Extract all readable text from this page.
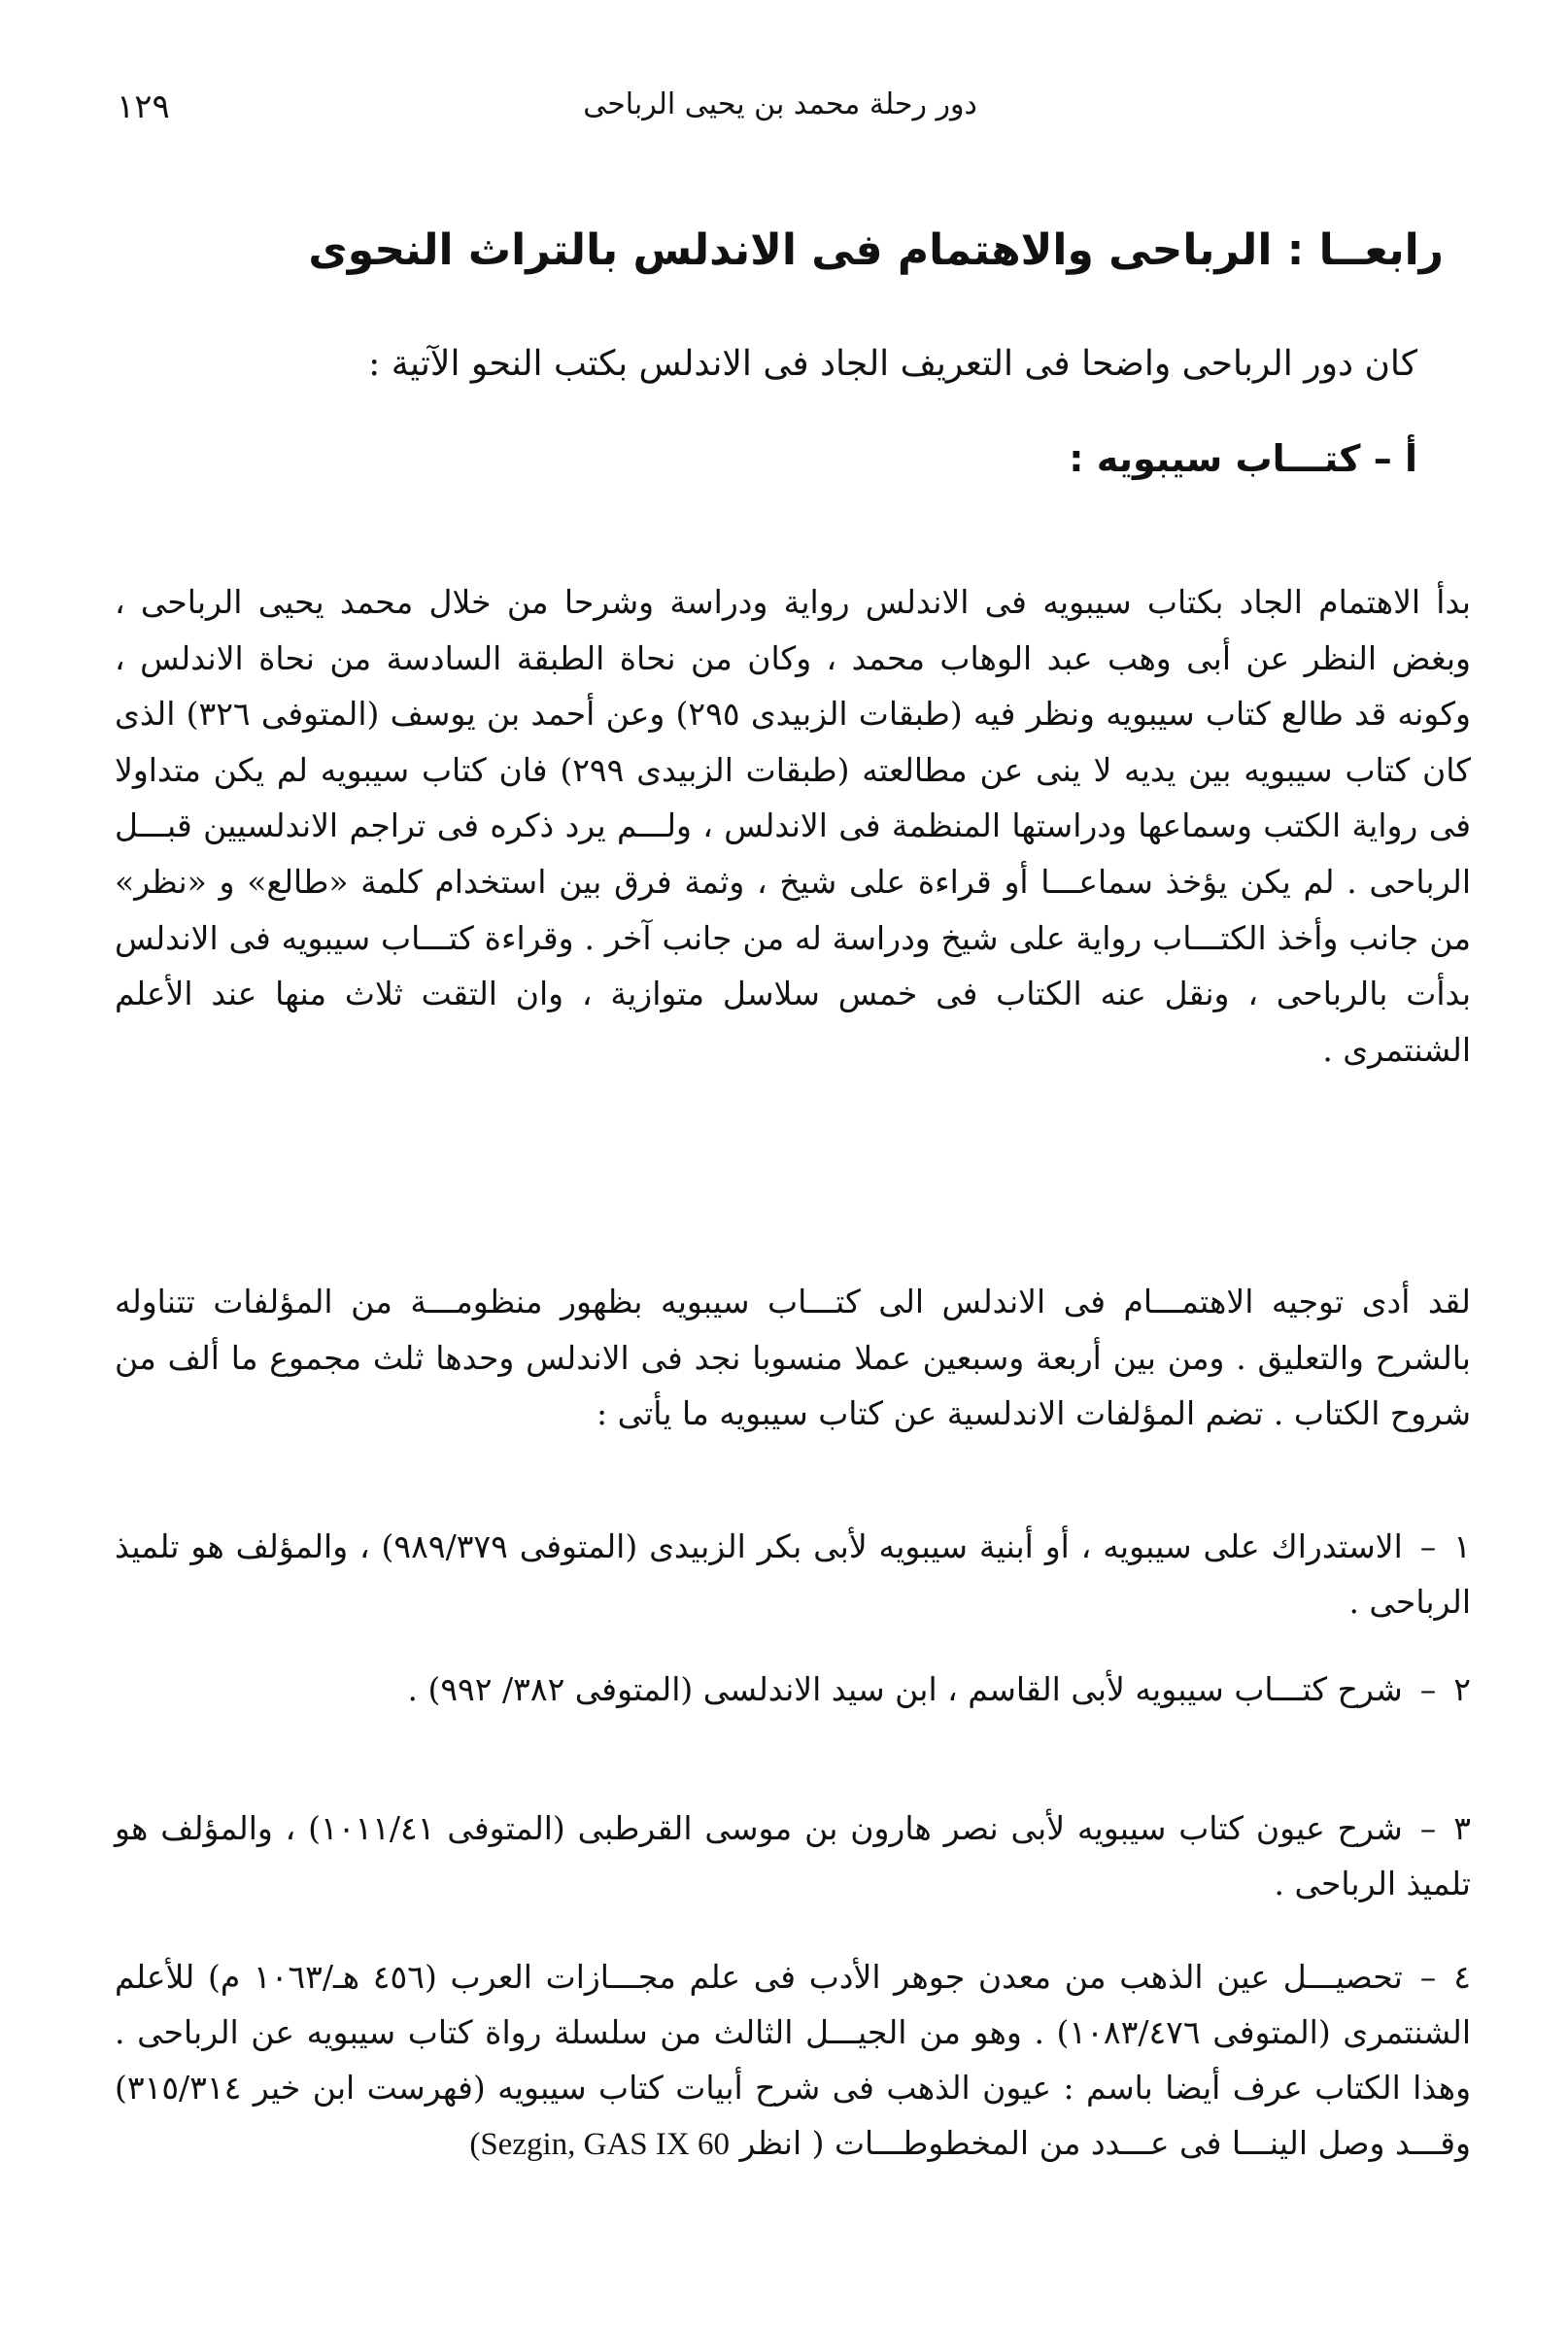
١٢٩	دور رحلة محمد بن يحيى الرباحى
رابعــا : الرباحى والاهتمام فى الاندلس بالتراث النحوى
كان دور الرباحى واضحا فى التعريف الجاد فى الاندلس بكتب النحو الآتية :
أ – كتـــاب سيبويه :

بدأ الاهتمام الجاد بكتاب سيبويه فى الاندلس رواية ودراسة وشرحا من خلال محمد يحيى الرباحى ، وبغض النظر عن أبى وهب عبد الوهاب محمد ، وكان من نحاة الطبقة السادسة من نحاة الاندلس ، وكونه قد طالع كتاب سيبويه ونظر فيه (طبقات الزبيدى ٢٩٥) وعن أحمد بن يوسف (المتوفى ٣٢٦) الذى كان كتاب سيبويه بين يديه لا ينى عن مطالعته (طبقات الزبيدى ٢٩٩) فان كتاب سيبويه لم يكن متداولا فى رواية الكتب وسماعها ودراستها المنظمة فى الاندلس ، ولـــم يرد ذكره فى تراجم الاندلسيين قبـــل الرباحى . لم يكن يؤخذ سماعـــا أو قراءة على شيخ ، وثمة فرق بين استخدام كلمة «طالع» و «نظر» من جانب وأخذ الكتـــاب رواية على شيخ ودراسة له من جانب آخر . وقراءة كتـــاب سيبويه فى الاندلس بدأت بالرباحى ، ونقل عنه الكتاب فى خمس سلاسل متوازية ، وان التقت ثلاث منها عند الأعلم الشنتمرى .

لقد أدى توجيه الاهتمـــام فى الاندلس الى كتـــاب سيبويه بظهور منظومـــة من المؤلفات تتناوله بالشرح والتعليق . ومن بين أربعة وسبعين عملا منسوبا نجد فى الاندلس وحدها ثلث مجموع ما ألف من شروح الكتاب . تضم المؤلفات الاندلسية عن كتاب سيبويه ما يأتى :

١–الاستدراك على سيبويه ، أو أبنية سيبويه لأبى بكر الزبيدى (المتوفى ٩٨٩/٣٧٩) ، والمؤلف هو تلميذ الرباحى .
٢–شرح كتـــاب سيبويه لأبى القاسم ، ابن سيد الاندلسى (المتوفى ٣٨٢/ ٩٩٢) .
٣–شرح عيون كتاب سيبويه لأبى نصر هارون بن موسى القرطبى (المتوفى ١٠١١/٤١) ، والمؤلف هو تلميذ الرباحى .
٤–تحصيـــل عين الذهب من معدن جوهر الأدب فى علم مجـــازات العرب (٤٥٦ هـ/١٠٦٣ م) للأعلم الشنتمرى (المتوفى ١٠٨٣/٤٧٦) . وهو من الجيـــل الثالث من سلسلة رواة كتاب سيبويه عن الرباحى . وهذا الكتاب عرف أيضا باسم : عيون الذهب فى شرح أبيات كتاب سيبويه (فهرست ابن خير ٣١٥/٣١٤) وقـــد وصل الينـــا فى عـــدد من المخطوطـــات ( انظر (Sezgin, GAS IX 60
